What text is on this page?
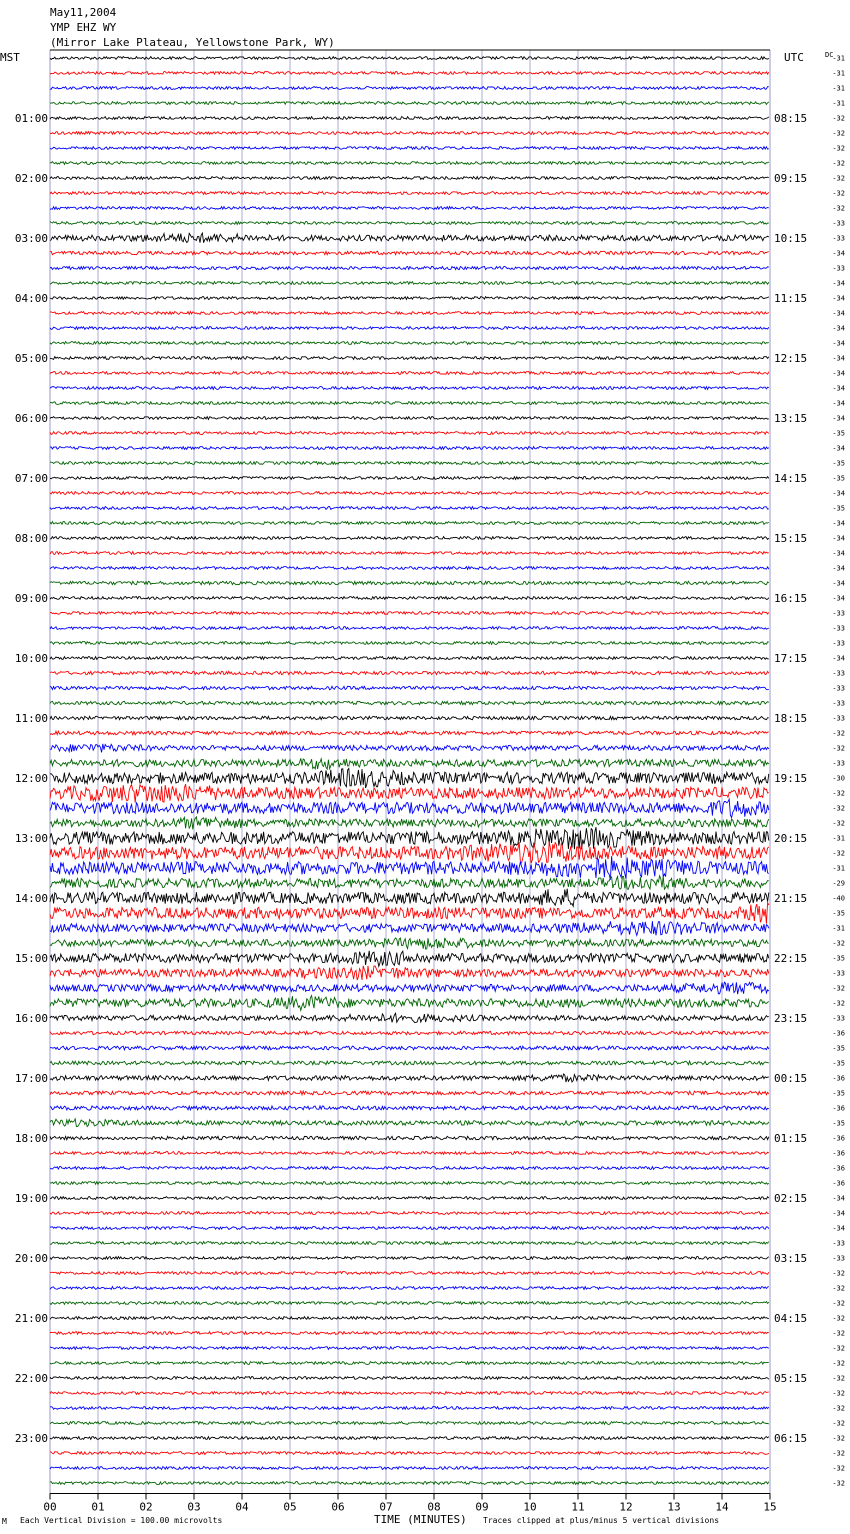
May11,2004
YMP EHZ WY
(Mirror Lake Plateau, Yellowstone Park, WY)
MST	UTC	DC
01:00	08:15
02:00	09:15
03:00	10:15
04:00	11:15
05:00	12:15
06:00	13:15
07:00	14:15
08:00	15:15
09:00	16:15
10:00	17:15
11:00	18:15
12:00	19:15
13:00	20:15
14:00	21:15
15:00	22:15
16:00	23:15
17:00	00:15
18:00	01:15
19:00	02:15
20:00	03:15
21:00	04:15
22:00	05:15
23:00	06:15
-31
-31
-31
-31
-32
-32
-32
-32
-32
-32
-32
-33
-33
-34
-33
-34
-34
-34
-34
-34
-34
-34
-34
-34
-34
-35
-34
-35
-35
-34
-35
-34
-34
-34
-34
-34
-34
-33
-33
-33
-34
-33
-33
-33
-33
-32
-32
-33
-30
-32
-32
-32
-31
-32
-31
-29
-40
-35
-31
-32
-35
-33
-32
-32
-33
-36
-35
-35
-36
-35
-36
-35
-36
-36
-36
-36
-34
-34
-34
-33
-33
-32
-32
-32
-32
-32
-32
-32
-32
-32
-32
-32
-32
-32
-32
-32
00	01	02	03	04	05	06	07	08	09	10	11	12	13	14	15
M Each Vertical Division = 100.00 microvolts	TIME (MINUTES) Traces clipped at plus/minus 5 vertical divisions
